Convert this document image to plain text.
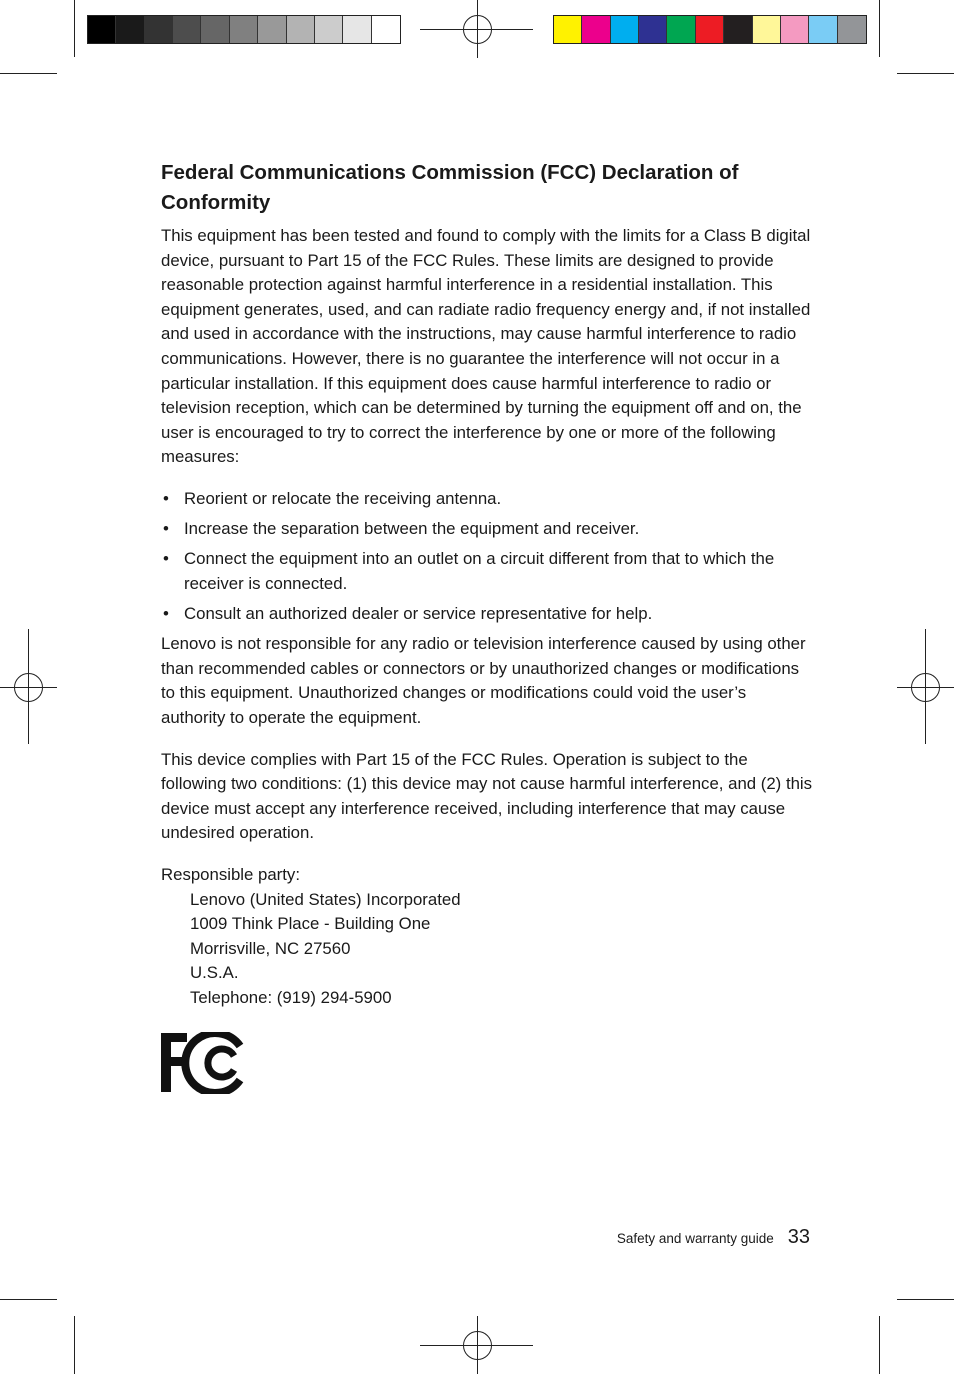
Federal Communications Commission (FCC) Declaration of Conformity

This equipment has been tested and found to comply with the limits for a Class B digital device, pursuant to Part 15 of the FCC Rules. These limits are designed to provide reasonable protection against harmful interference in a residential installation. This equipment generates, used, and can radiate radio frequency energy and, if not installed and used in accordance with the instructions, may cause harmful interference to radio communications. However, there is no guarantee the interference will not occur in a particular installation. If this equipment does cause harmful interference to radio or television reception, which can be determined by turning the equipment off and on, the user is encouraged to try to correct the interference by one or more of the following measures:

• Reorient or relocate the receiving antenna.
• Increase the separation between the equipment and receiver.
• Connect the equipment into an outlet on a circuit different from that to which the receiver is connected.
• Consult an authorized dealer or service representative for help.

Lenovo is not responsible for any radio or television interference caused by using other than recommended cables or connectors or by unauthorized changes or modifications to this equipment. Unauthorized changes or modifications could void the user’s authority to operate the equipment.

This device complies with Part 15 of the FCC Rules. Operation is subject to the following two conditions: (1) this device may not cause harmful interference, and (2) this device must accept any interference received, including interference that may cause undesired operation.

Responsible party:

Lenovo (United States) Incorporated
1009 Think Place - Building One
Morrisville, NC 27560
U.S.A.
Telephone: (919) 294-5900
Safety and warranty guide 33
